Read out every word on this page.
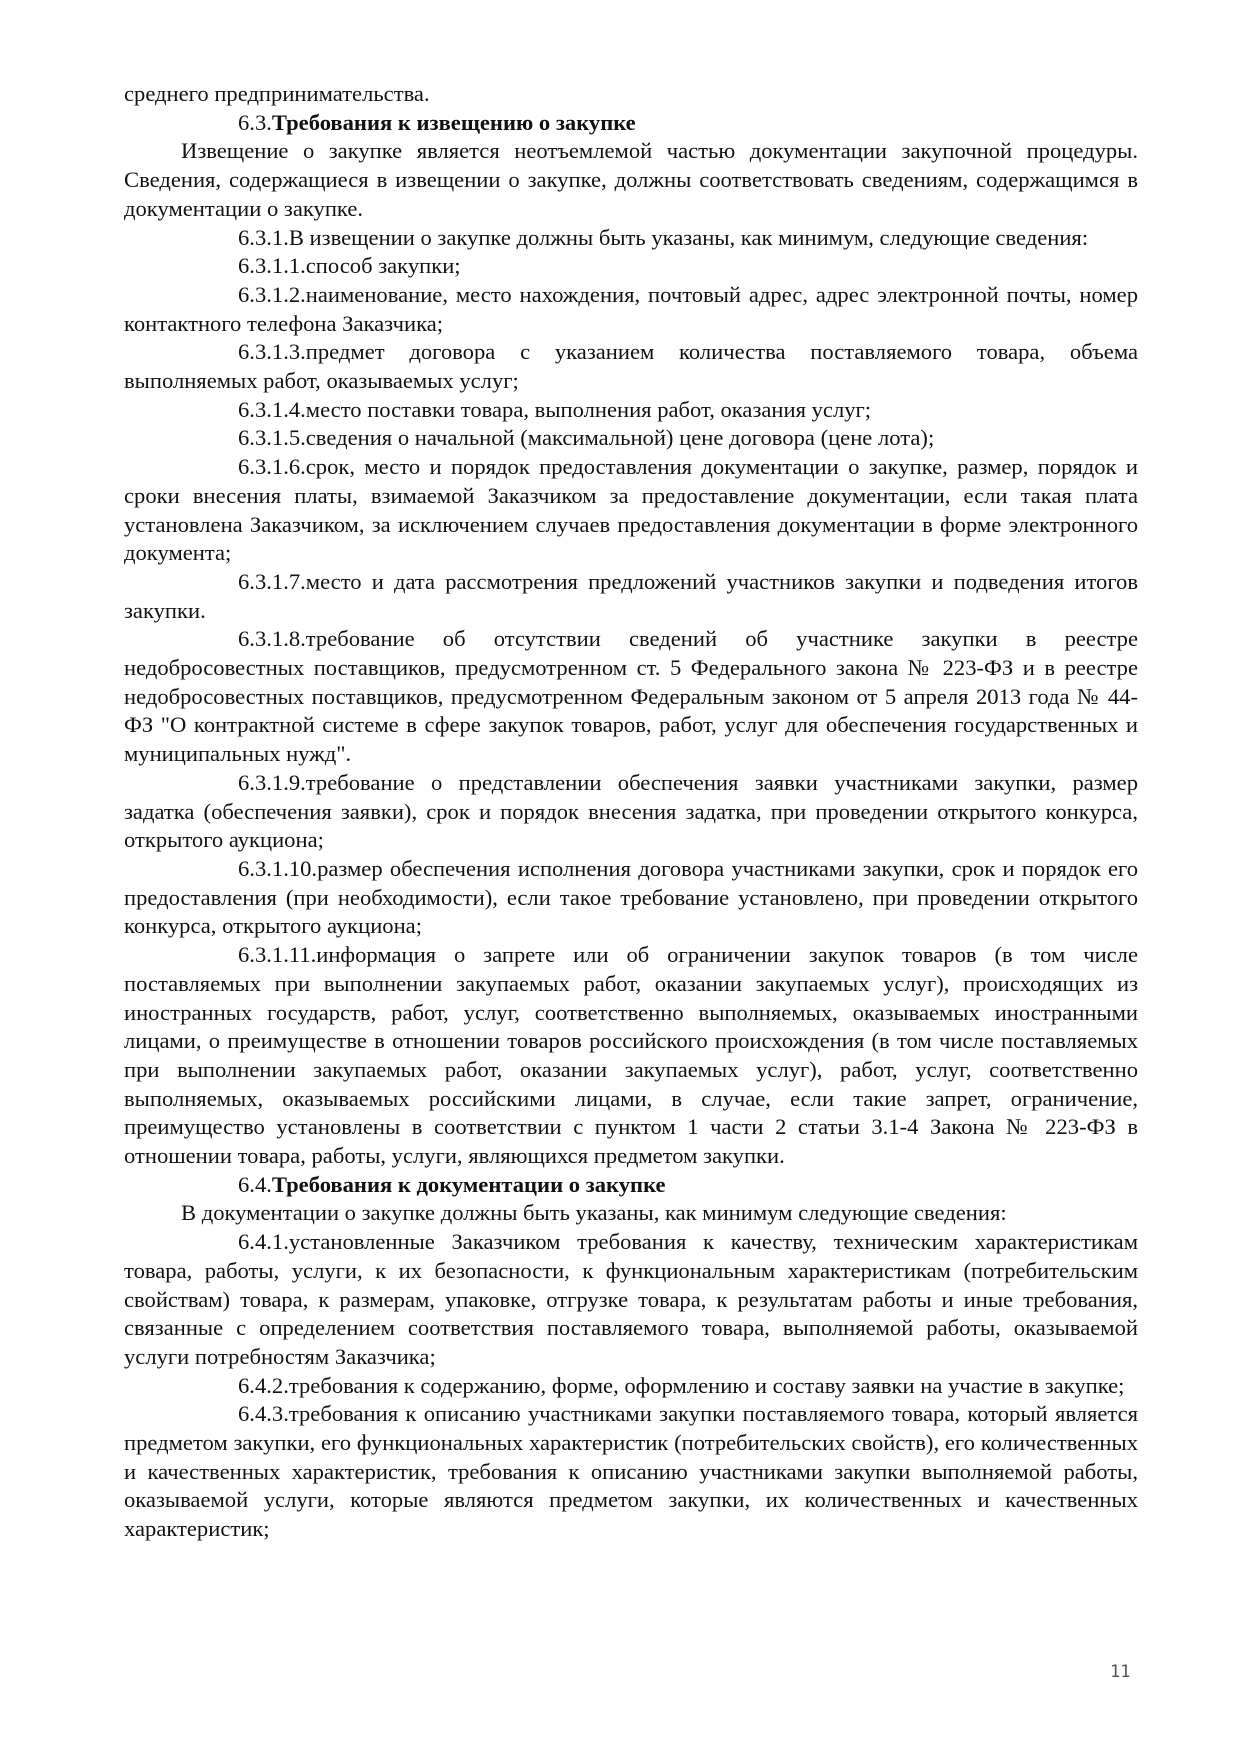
среднего предпринимательства.

6.3.Требования к извещению о закупке

Извещение о закупке является неотъемлемой частью документации закупочной процедуры. Сведения, содержащиеся в извещении о закупке, должны соответствовать сведениям, содержащимся в документации о закупке.

6.3.1.В извещении о закупке должны быть указаны, как минимум, следующие сведения:

6.3.1.1.способ закупки;

6.3.1.2.наименование, место нахождения, почтовый адрес, адрес электронной почты, номер контактного телефона Заказчика;

6.3.1.3.предмет договора с указанием количества поставляемого товара, объема выполняемых работ, оказываемых услуг;

6.3.1.4.место поставки товара, выполнения работ, оказания услуг;

6.3.1.5.сведения о начальной (максимальной) цене договора (цене лота);

6.3.1.6.срок, место и порядок предоставления документации о закупке, размер, порядок и сроки внесения платы, взимаемой Заказчиком за предоставление документации, если такая плата установлена Заказчиком, за исключением случаев предоставления документации в форме электронного документа;

6.3.1.7.место и дата рассмотрения предложений участников закупки и подведения итогов закупки.

6.3.1.8.требование об отсутствии сведений об участнике закупки в реестре недобросовестных поставщиков, предусмотренном ст. 5 Федерального закона № 223-ФЗ и в реестре недобросовестных поставщиков, предусмотренном Федеральным законом от 5 апреля 2013 года № 44-ФЗ "О контрактной системе в сфере закупок товаров, работ, услуг для обеспечения государственных и муниципальных нужд".

6.3.1.9.требование о представлении обеспечения заявки участниками закупки, размер задатка (обеспечения заявки), срок и порядок внесения задатка, при проведении открытого конкурса, открытого аукциона;

6.3.1.10.размер обеспечения исполнения договора участниками закупки, срок и порядок его предоставления (при необходимости), если такое требование установлено, при проведении открытого конкурса, открытого аукциона;

6.3.1.11.информация о запрете или об ограничении закупок товаров (в том числе поставляемых при выполнении закупаемых работ, оказании закупаемых услуг), происходящих из иностранных государств, работ, услуг, соответственно выполняемых, оказываемых иностранными лицами, о преимуществе в отношении товаров российского происхождения (в том числе поставляемых при выполнении закупаемых работ, оказании закупаемых услуг), работ, услуг, соответственно выполняемых, оказываемых российскими лицами, в случае, если такие запрет, ограничение, преимущество установлены в соответствии с пунктом 1 части 2 статьи 3.1-4 Закона № 223-ФЗ в отношении товара, работы, услуги, являющихся предметом закупки.

6.4.Требования к документации о закупке

В документации о закупке должны быть указаны, как минимум следующие сведения:

6.4.1.установленные Заказчиком требования к качеству, техническим характеристикам товара, работы, услуги, к их безопасности, к функциональным характеристикам (потребительским свойствам) товара, к размерам, упаковке, отгрузке товара, к результатам работы и иные требования, связанные с определением соответствия поставляемого товара, выполняемой работы, оказываемой услуги потребностям Заказчика;

6.4.2.требования к содержанию, форме, оформлению и составу заявки на участие в закупке;

6.4.3.требования к описанию участниками закупки поставляемого товара, который является предметом закупки, его функциональных характеристик (потребительских свойств), его количественных и качественных характеристик, требования к описанию участниками закупки выполняемой работы, оказываемой услуги, которые являются предметом закупки, их количественных и качественных характеристик;

11
